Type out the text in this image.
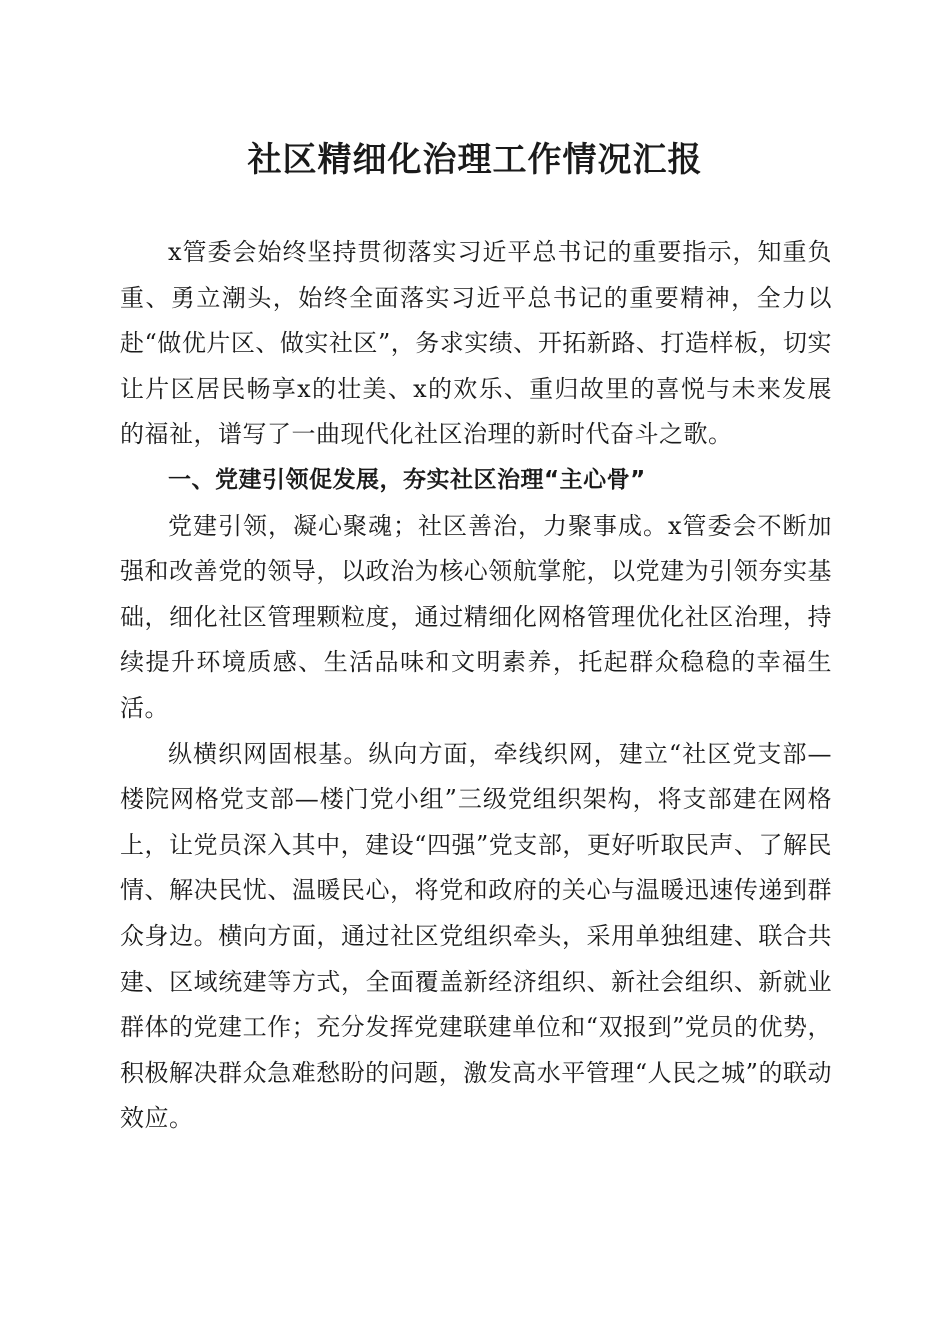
社区精细化治理工作情况汇报

x管委会始终坚持贯彻落实习近平总书记的重要指示，知重负重、勇立潮头，始终全面落实习近平总书记的重要精神，全力以赴“做优片区、做实社区”，务求实绩、开拓新路、打造样板，切实让片区居民畅享x的壮美、x的欢乐、重归故里的喜悦与未来发展的福祉，谱写了一曲现代化社区治理的新时代奋斗之歌。

一、党建引领促发展，夯实社区治理“主心骨”

党建引领，凝心聚魂；社区善治，力聚事成。x管委会不断加强和改善党的领导，以政治为核心领航掌舵，以党建为引领夯实基础，细化社区管理颗粒度，通过精细化网格管理优化社区治理，持续提升环境质感、生活品味和文明素养，托起群众稳稳的幸福生活。

纵横织网固根基。纵向方面，牵线织网，建立“社区党支部—楼院网格党支部—楼门党小组”三级党组织架构，将支部建在网格上，让党员深入其中，建设“四强”党支部，更好听取民声、了解民情、解决民忧、温暖民心，将党和政府的关心与温暖迅速传递到群众身边。横向方面，通过社区党组织牵头，采用单独组建、联合共建、区域统建等方式，全面覆盖新经济组织、新社会组织、新就业群体的党建工作；充分发挥党建联建单位和“双报到”党员的优势，积极解决群众急难愁盼的问题，激发高水平管理“人民之城”的联动效应。
